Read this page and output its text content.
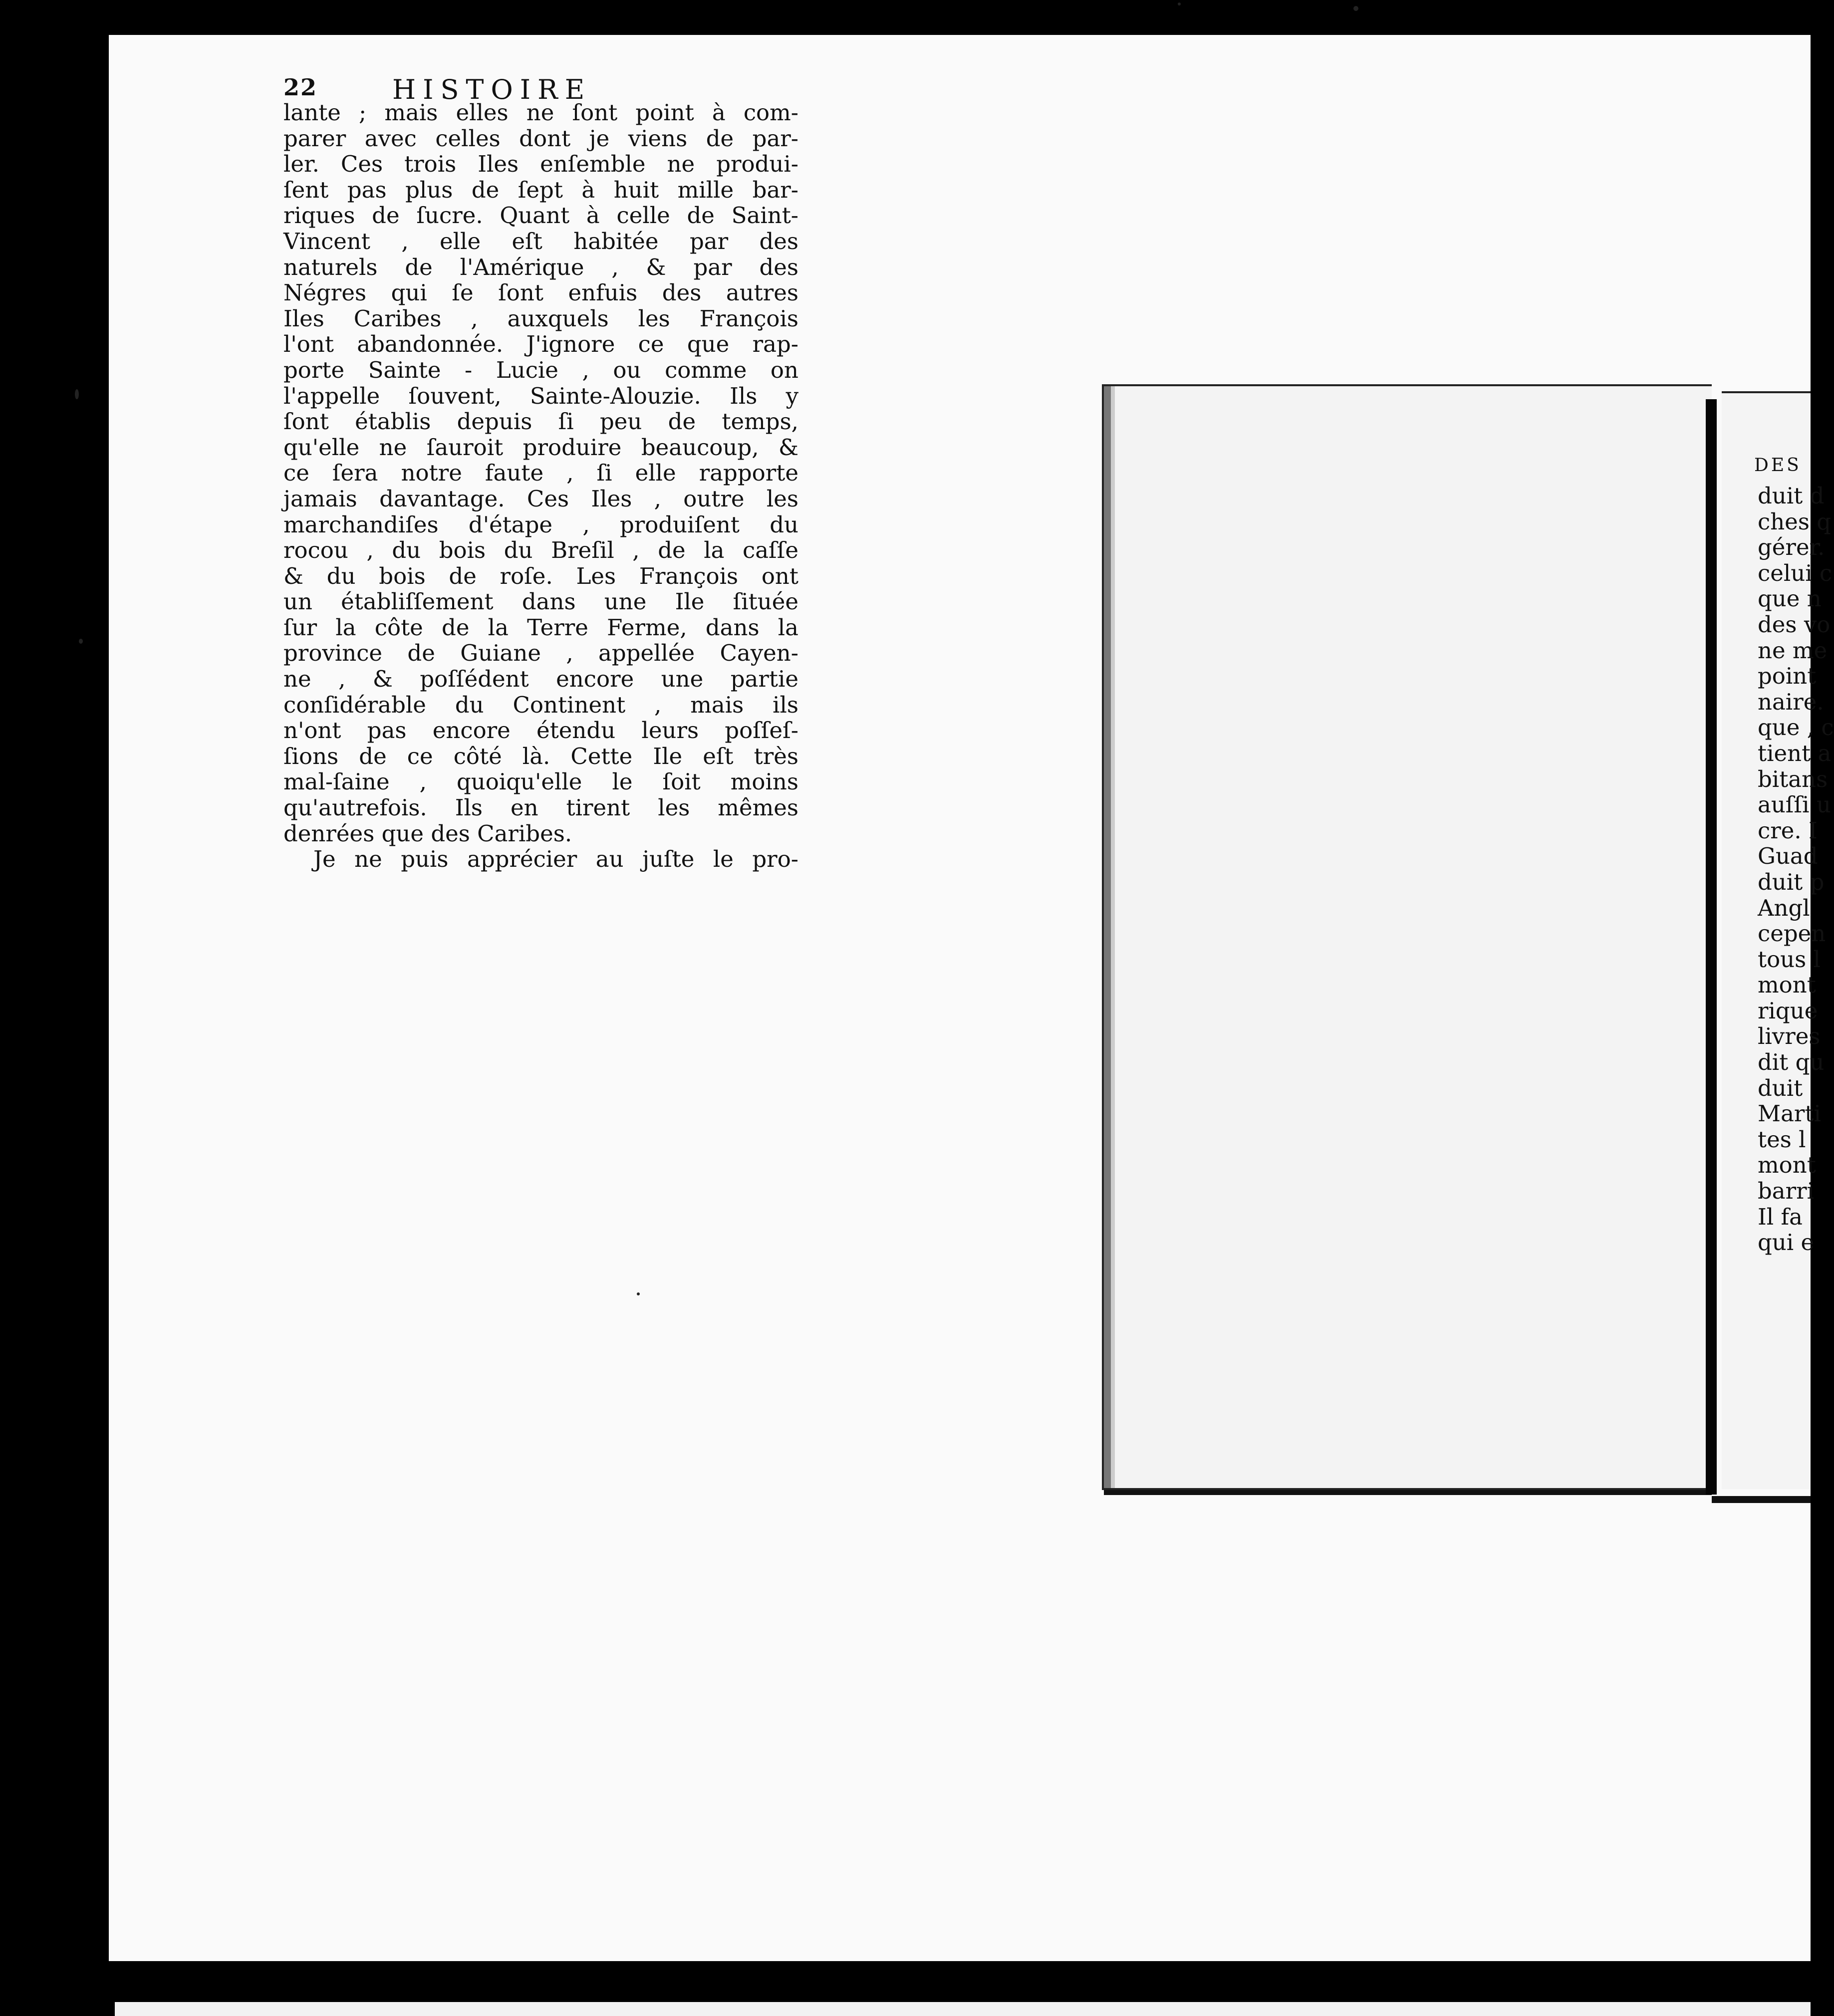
22	HISTOIRE
lante ; mais elles ne ſont point à com-
parer avec celles dont je viens de par-
ler. Ces trois Iles enſemble ne produi-
ſent pas plus de ſept à huit mille bar-
riques de ſucre. Quant à celle de Saint-
Vincent , elle eſt habitée par des
naturels de l'Amérique , & par des
Négres qui ſe ſont enfuis des autres
Iles Caribes , auxquels les François
l'ont abandonnée. J'ignore ce que rap-
porte Sainte - Lucie , ou comme on
l'appelle ſouvent, Sainte-Alouzie. Ils y
ſont établis depuis ſi peu de temps,
qu'elle ne ſauroit produire beaucoup, &
ce ſera notre faute , ſi elle rapporte
jamais davantage. Ces Iles , outre les
marchandiſes d'étape , produiſent du
rocou , du bois du Breſil , de la caſſe
& du bois de roſe. Les François ont
un établiſſement dans une Ile ſituée
ſur la côte de la Terre Ferme, dans la
province de Guiane , appellée Cayen-
ne , & poſſédent encore une partie
conſidérable du Continent , mais ils
n'ont pas encore étendu leurs poſſeſ-
ſions de ce côté là. Cette Ile eſt très
mal-ſaine , quoiqu'elle le ſoit moins
qu'autrefois. Ils en tirent les mêmes
denrées que des Caribes.
Je ne puis apprécier au juſte le pro-
DES
duit d
ches q
gérer.
celui c
que n
des vo
ne me
point
naire.
que , c
tient a
bitans
auſſi u
cre. I
Guad
duit p
Angl
cepen
tous l
mont
rique
livres
dit qu
duit
Marti
tes l
mont
barri
Il fa
qui e
